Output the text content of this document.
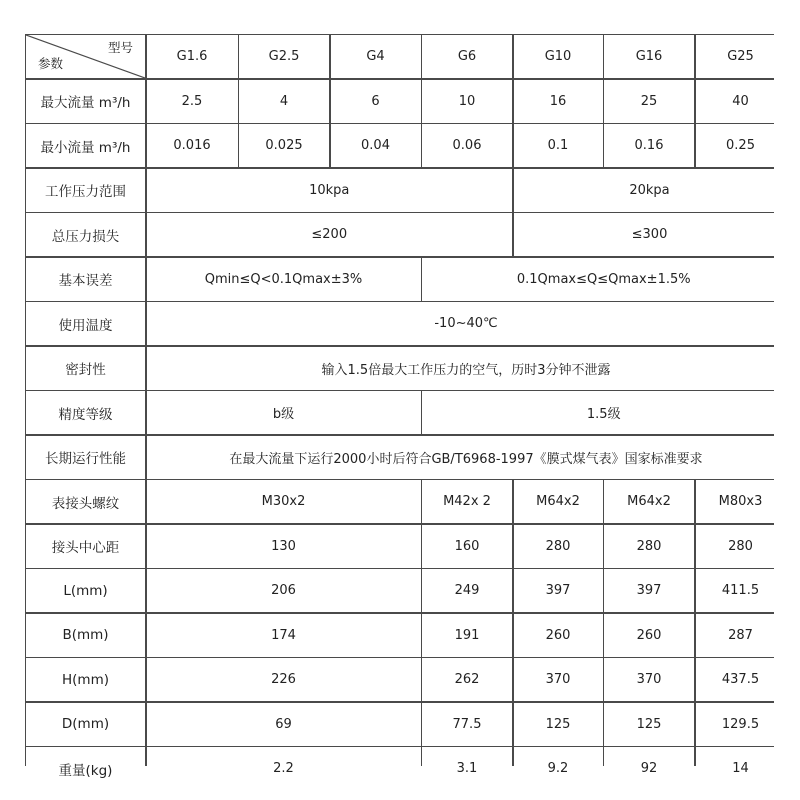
型号
参数	G1.6	G2.5	G4	G6	G10	G16	G25
最大流量 m³/h	2.5	4	6	10	16	25	40
最小流量 m³/h	0.016	0.025	0.04	0.06	0.1	0.16	0.25
工作压力范围	10kpa	20kpa
总压力损失	≤200	≤300
基本误差	Qmin≤Q<0.1Qmax±3%	0.1Qmax≤Q≤Qmax±1.5%
使用温度	-10~40℃
密封性	输入1.5倍最大工作压力的空气，历时3分钟不泄露
精度等级	b级	1.5级
长期运行性能	在最大流量下运行2000小时后符合GB/T6968-1997《膜式煤气表》国家标准要求
表接头螺纹	M30x2	M42x 2	M64x2	M64x2	M80x3
接头中心距	130	160	280	280	280
L(mm)	206	249	397	397	411.5
B(mm)	174	191	260	260	287
H(mm)	226	262	370	370	437.5
D(mm)	69	77.5	125	125	129.5
重量(kg)	2.2	3.1	9.2	92	14
